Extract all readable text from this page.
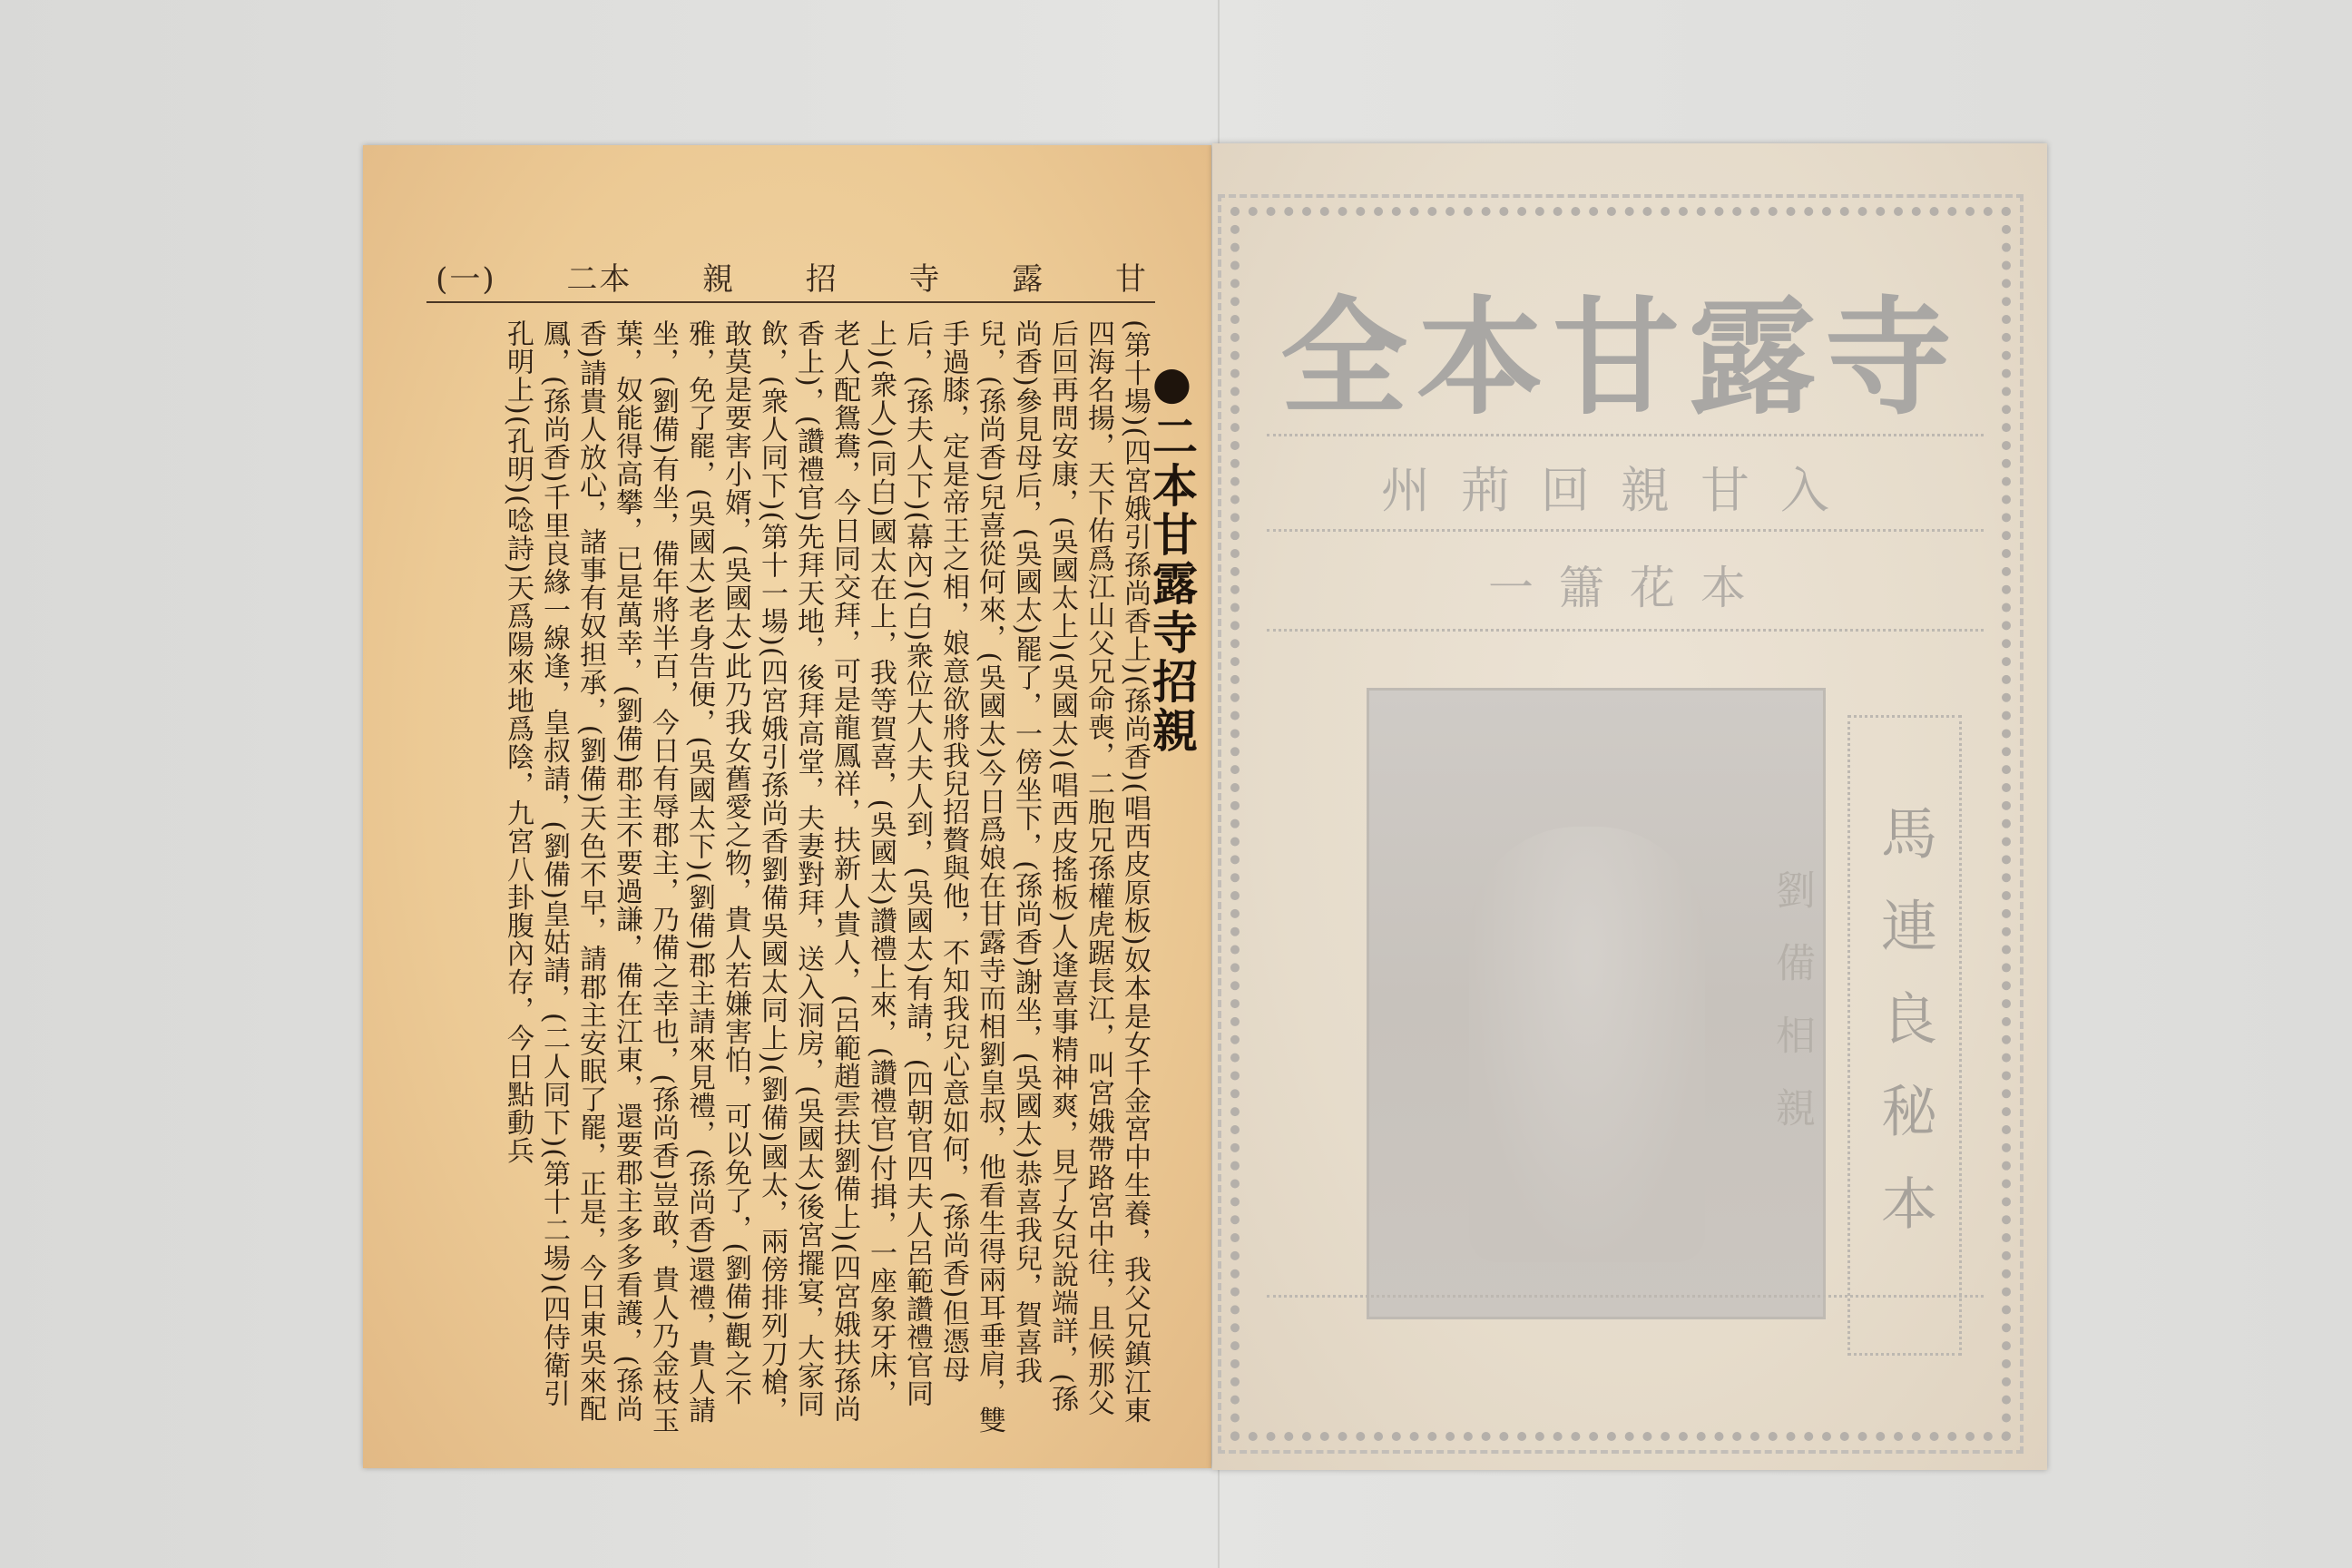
甘
露
寺
招
親
二本
(一)
●二本甘露寺招親

(第十場)(四宮娥引孫尚香上)(孫尚香)(唱西皮原板)奴本是女千金宮中生養，我父兄鎮江東四海名揚，天下佑爲江山父兄命喪，二胞兄孫權虎踞長江，叫宮娥帶路宮中往，且候那父后回再問安康，(吳國太上)(吳國太)(唱西皮搖板)人逢喜事精神爽，見了女兒說端詳，(孫尚香)參見母后，(吳國太)罷了，一傍坐下，(孫尚香)謝坐，(吳國太)恭喜我兒，賀喜我兒，(孫尚香)兒喜從何來，(吳國太)今日爲娘在甘露寺而相劉皇叔，他看生得兩耳垂肩，雙手過膝，定是帝王之相，娘意欲將我兒招贅與他，不知我兒心意如何，(孫尚香)但憑母后，(孫夫人下)(幕內)(白)衆位大人夫人到，(吳國太)有請，(四朝官四夫人呂範讚禮官同上)(衆人)(同白)國太在上，我等賀喜，(吳國太)讚禮上來，(讚禮官)付揖，一座象牙床，老人配鴛鴦，今日同交拜，可是龍鳳祥，扶新人貴人，(呂範趙雲扶劉備上)(四宮娥扶孫尚香上)，(讚禮官)先拜天地，後拜高堂，夫妻對拜，送入洞房，(吳國太)後宮擺宴，大家同飲，(衆人同下)(第十一場)(四宮娥引孫尚香劉備吳國太同上)(劉備)國太，兩傍排列刀槍，敢莫是要害小婿，(吳國太)此乃我女舊愛之物，貴人若嫌害怕，可以免了，(劉備)觀之不雅，免了罷，(吳國太)老身告便，(吳國太下)(劉備)郡主請來見禮，(孫尚香)還禮，貴人請坐，(劉備)有坐，備年將半百，今日有辱郡主，乃備之幸也，(孫尚香)豈敢，貴人乃金枝玉葉，奴能得高攀，已是萬幸，(劉備)郡主不要過謙，備在江東，還要郡主多多看護，(孫尚香)請貴人放心，諸事有奴担承，(劉備)天色不早，請郡主安眠了罷，正是，今日東吳來配鳳，(孫尚香)千里良緣一線逢，皇叔請，(劉備)皇姑請，(二人同下)(第十二場)(四侍衛引孔明上)(孔明)(唸詩)天爲陽來地爲陰，九宮八卦腹內存，今日點動兵	全本甘露寺
州荊回親甘入
一簫花本
劉備相親	馬連良秘本
